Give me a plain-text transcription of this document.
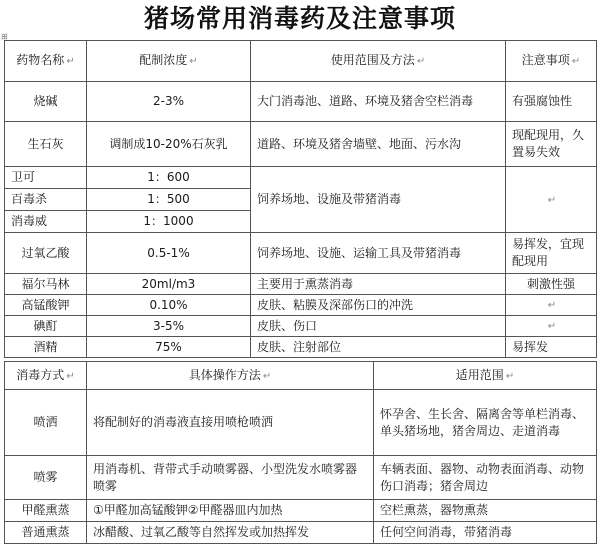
猪场常用消毒药及注意事项
⊞
药物名称 ↵	配制浓度 ↵	使用范围及方法 ↵	注意事项 ↵
烧碱	2-3%	大门消毒池、道路、环境及猪舍空栏消毒	有强腐蚀性
生石灰	调制成10-20%石灰乳	道路、环境及猪舍墙壁、地面、污水沟	现配现用，久置易失效
卫可	1：600	饲养场地、设施及带猪消毒	↵
百毒杀	1：500		
消毒威	1：1000		
过氧乙酸	0.5-1%	饲养场地、设施、运输工具及带猪消毒	易挥发，宜现配现用
福尔马林	20ml/m3	主要用于熏蒸消毒	刺激性强
高锰酸钾	0.10%	皮肤、粘膜及深部伤口的冲洗	↵
碘酊	3-5%	皮肤、伤口	↵
酒精	75%	皮肤、注射部位	易挥发
消毒方式 ↵	具体操作方法 ↵	适用范围 ↵
喷洒	将配制好的消毒液直接用喷枪喷洒	怀孕舍、生长舍、隔离舍等单栏消毒、单头猪场地，猪舍周边、走道消毒
喷雾	用消毒机、背带式手动喷雾器、小型洗发水喷雾器喷雾	车辆表面、器物、动物表面消毒、动物伤口消毒；猪舍周边
甲醛熏蒸	①甲醛加高锰酸钾②甲醛器皿内加热	空栏熏蒸，器物熏蒸
普通熏蒸	冰醋酸、过氧乙酸等自然挥发或加热挥发	任何空间消毒，带猪消毒
